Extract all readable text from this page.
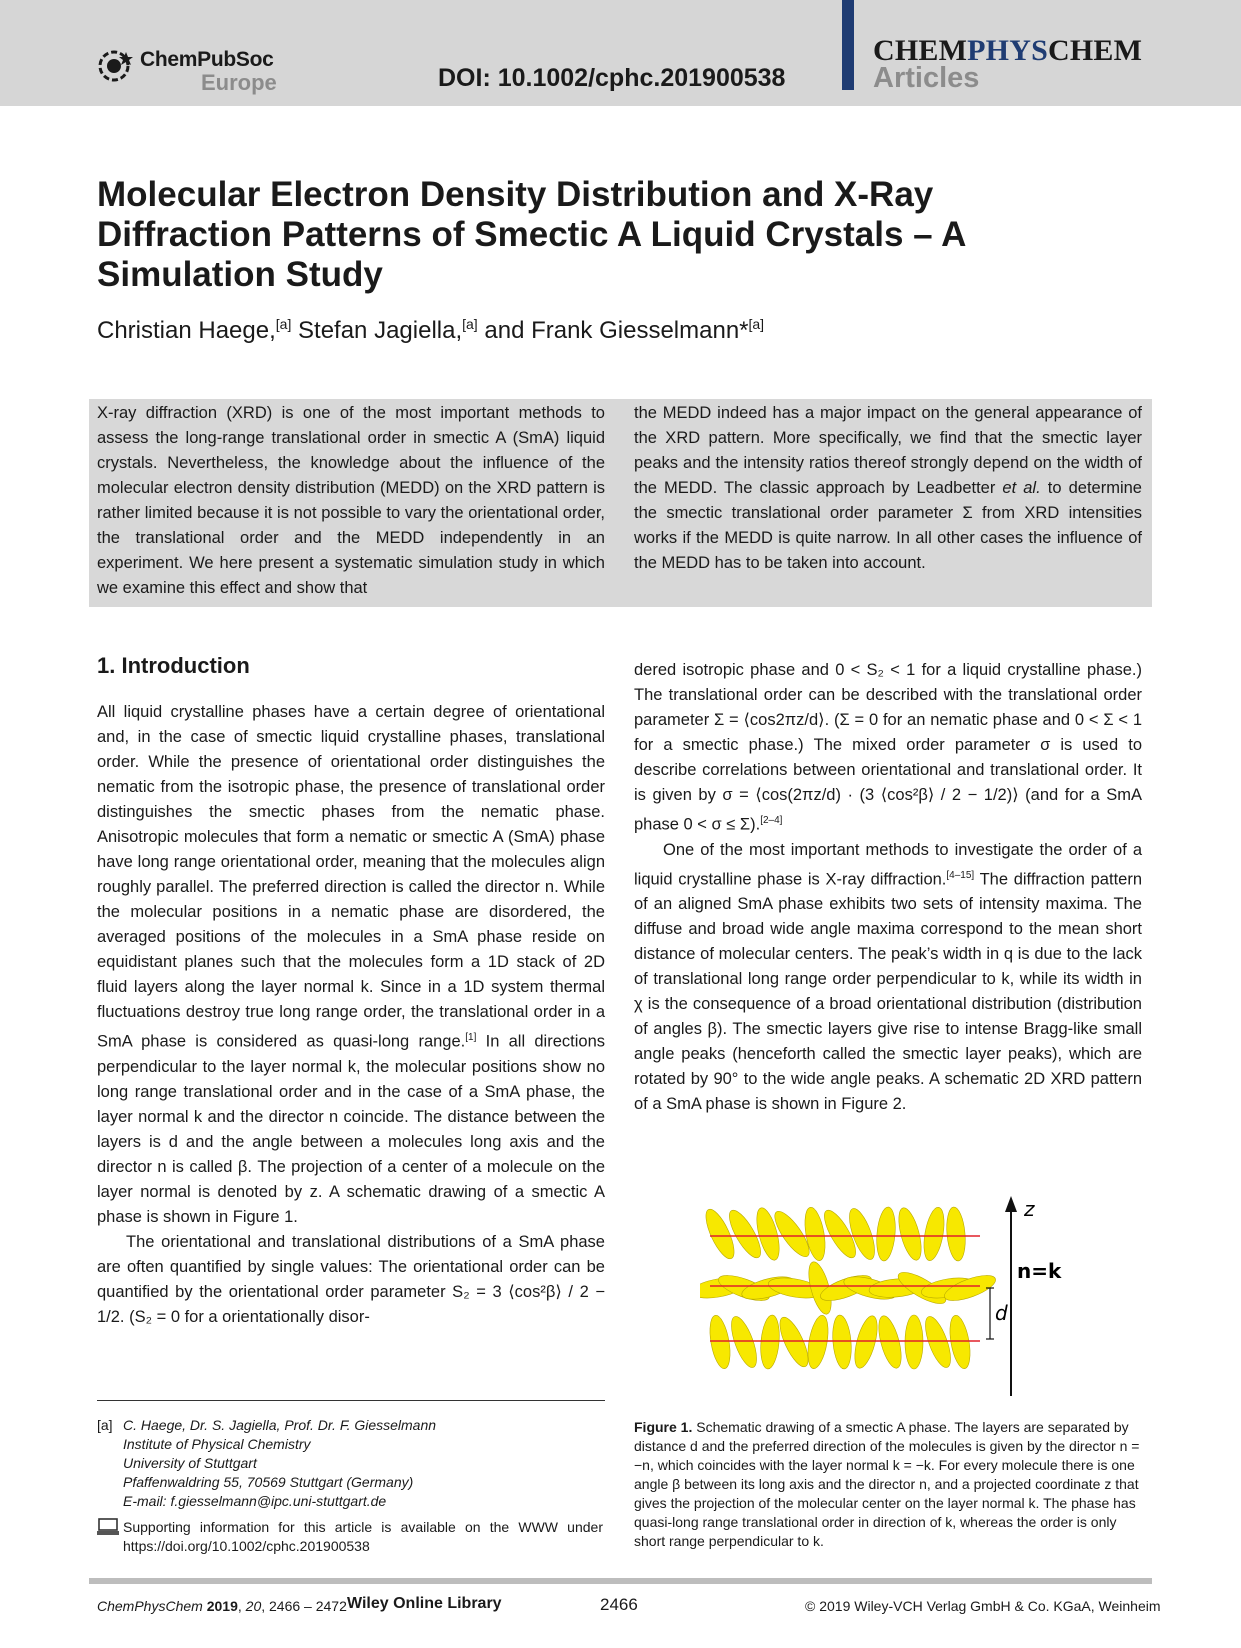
ChemPubSoc
Europe	DOI: 10.1002/cphc.201900538
CHEMPHYSCHEM
Articles
Molecular Electron Density Distribution and X-Ray Diffraction Patterns of Smectic A Liquid Crystals – A Simulation Study
Christian Haege,[a] Stefan Jagiella,[a] and Frank Giesselmann*[a]
X-ray diffraction (XRD) is one of the most important methods to assess the long-range translational order in smectic A (SmA) liquid crystals. Nevertheless, the knowledge about the influence of the molecular electron density distribution (MEDD) on the XRD pattern is rather limited because it is not possible to vary the orientational order, the translational order and the MEDD independently in an experiment. We here present a systematic simulation study in which we examine this effect and show that
the MEDD indeed has a major impact on the general appearance of the XRD pattern. More specifically, we find that the smectic layer peaks and the intensity ratios thereof strongly depend on the width of the MEDD. The classic approach by Leadbetter et al. to determine the smectic translational order parameter Σ from XRD intensities works if the MEDD is quite narrow. In all other cases the influence of the MEDD has to be taken into account.
1. Introduction

All liquid crystalline phases have a certain degree of orientational and, in the case of smectic liquid crystalline phases, translational order. While the presence of orientational order distinguishes the nematic from the isotropic phase, the presence of translational order distinguishes the smectic phases from the nematic phase. Anisotropic molecules that form a nematic or smectic A (SmA) phase have long range orientational order, meaning that the molecules align roughly parallel. The preferred direction is called the director n. While the molecular positions in a nematic phase are disordered, the averaged positions of the molecules in a SmA phase reside on equidistant planes such that the molecules form a 1D stack of 2D fluid layers along the layer normal k. Since in a 1D system thermal fluctuations destroy true long range order, the translational order in a SmA phase is considered as quasi-long range.[1] In all directions perpendicular to the layer normal k, the molecular positions show no long range translational order and in the case of a SmA phase, the layer normal k and the director n coincide. The distance between the layers is d and the angle between a molecules long axis and the director n is called β. The projection of a center of a molecule on the layer normal is denoted by z. A schematic drawing of a smectic A phase is shown in Figure 1.

The orientational and translational distributions of a SmA phase are often quantified by single values: The orientational order can be quantified by the orientational order parameter S₂ = 3 ⟨cos²β⟩ / 2 − 1/2. (S₂ = 0 for a orientationally disor-

dered isotropic phase and 0 < S₂ < 1 for a liquid crystalline phase.) The translational order can be described with the translational order parameter Σ = ⟨cos2πz/d⟩. (Σ = 0 for an nematic phase and 0 < Σ < 1 for a smectic phase.) The mixed order parameter σ is used to describe correlations between orientational and translational order. It is given by σ = ⟨cos(2πz/d) · (3 ⟨cos²β⟩ / 2 − 1/2)⟩ (and for a SmA phase 0 < σ ≤ Σ).[2–4]

One of the most important methods to investigate the order of a liquid crystalline phase is X-ray diffraction.[4–15] The diffraction pattern of an aligned SmA phase exhibits two sets of intensity maxima. The diffuse and broad wide angle maxima correspond to the mean short distance of molecular centers. The peak’s width in q is due to the lack of translational long range order perpendicular to k, while its width in χ is the consequence of a broad orientational distribution (distribution of angles β). The smectic layers give rise to intense Bragg-like small angle peaks (henceforth called the smectic layer peaks), which are rotated by 90° to the wide angle peaks. A schematic 2D XRD pattern of a SmA phase is shown in Figure 2.

[a] C. Haege, Dr. S. Jagiella, Prof. Dr. F. Giesselmann
Institute of Physical Chemistry
University of Stuttgart
Pfaffenwaldring 55, 70569 Stuttgart (Germany)
E-mail: f.giesselmann@ipc.uni-stuttgart.de
Supporting information for this article is available on the WWW under https://doi.org/10.1002/cphc.201900538
z
n=k
d
Figure 1. Schematic drawing of a smectic A phase. The layers are separated by distance d and the preferred direction of the molecules is given by the director n = −n, which coincides with the layer normal k = −k. For every molecule there is one angle β between its long axis and the director n, and a projected coordinate z that gives the projection of the molecular center on the layer normal k. The phase has quasi-long range translational order in direction of k, whereas the order is only short range perpendicular to k.
ChemPhysChem 2019, 20, 2466 – 2472 Wiley Online Library	2466	© 2019 Wiley-VCH Verlag GmbH & Co. KGaA, Weinheim
